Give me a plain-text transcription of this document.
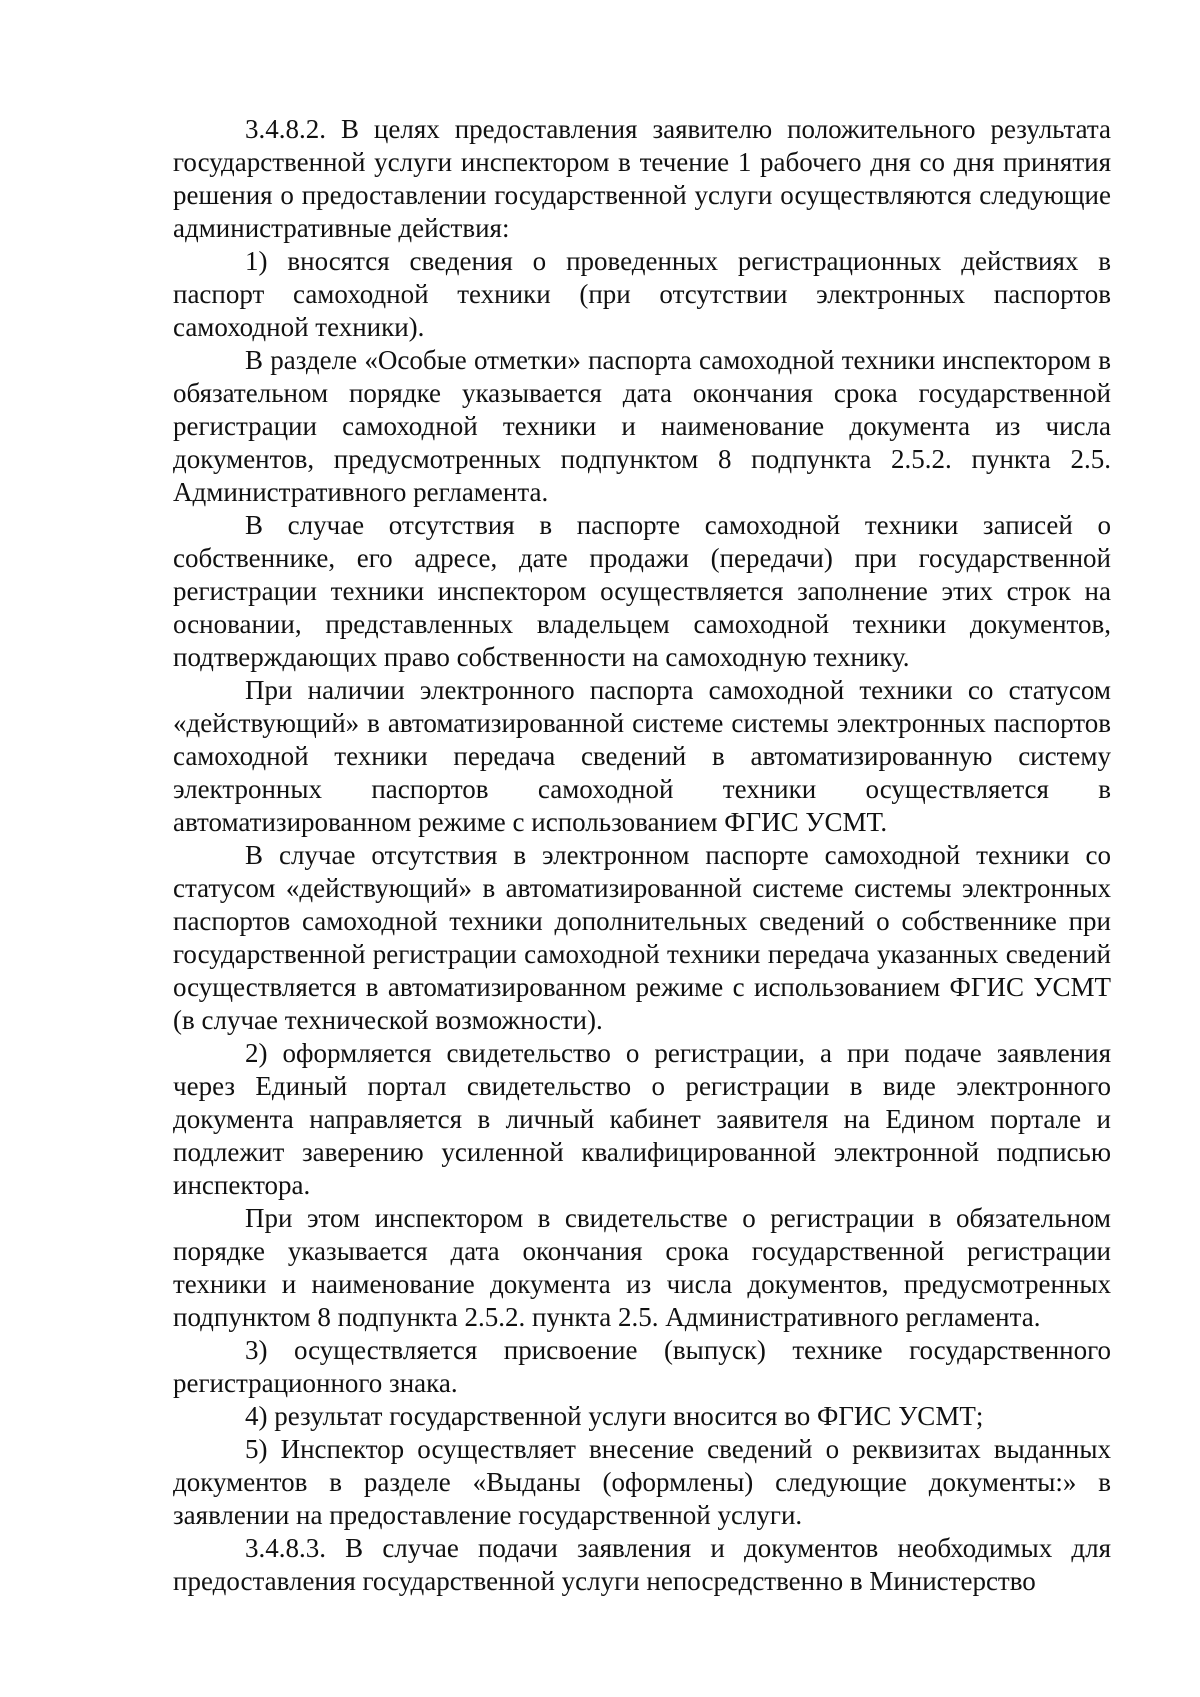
3.4.8.2. В целях предоставления заявителю положительного результата государственной услуги инспектором в течение 1 рабочего дня со дня принятия решения о предоставлении государственной услуги осуществляются следующие административные действия:

1) вносятся сведения о проведенных регистрационных действиях в паспорт самоходной техники (при отсутствии электронных паспортов самоходной техники).

В разделе «Особые отметки» паспорта самоходной техники инспектором в обязательном порядке указывается дата окончания срока государственной регистрации самоходной техники и наименование документа из числа документов, предусмотренных подпунктом 8 подпункта 2.5.2. пункта 2.5. Административного регламента.

В случае отсутствия в паспорте самоходной техники записей о собственнике, его адресе, дате продажи (передачи) при государственной регистрации техники инспектором осуществляется заполнение этих строк на основании, представленных владельцем самоходной техники документов, подтверждающих право собственности на самоходную технику.

При наличии электронного паспорта самоходной техники со статусом «действующий» в автоматизированной системе системы электронных паспортов самоходной техники передача сведений в автоматизированную систему электронных паспортов самоходной техники осуществляется в автоматизированном режиме с использованием ФГИС УСМТ.

В случае отсутствия в электронном паспорте самоходной техники со статусом «действующий» в автоматизированной системе системы электронных паспортов самоходной техники дополнительных сведений о собственнике при государственной регистрации самоходной техники передача указанных сведений осуществляется в автоматизированном режиме с использованием ФГИС УСМТ (в случае технической возможности).

2) оформляется свидетельство о регистрации, а при подаче заявления через Единый портал свидетельство о регистрации в виде электронного документа направляется в личный кабинет заявителя на Едином портале и подлежит заверению усиленной квалифицированной электронной подписью инспектора.

При этом инспектором в свидетельстве о регистрации в обязательном порядке указывается дата окончания срока государственной регистрации техники и наименование документа из числа документов, предусмотренных подпунктом 8 подпункта 2.5.2. пункта 2.5. Административного регламента.

3) осуществляется присвоение (выпуск) технике государственного регистрационного знака.

4) результат государственной услуги вносится во ФГИС УСМТ;

5) Инспектор осуществляет внесение сведений о реквизитах выданных документов в разделе «Выданы (оформлены) следующие документы:» в заявлении на предоставление государственной услуги.

3.4.8.3. В случае подачи заявления и документов необходимых для предоставления государственной услуги непосредственно в Министерство
